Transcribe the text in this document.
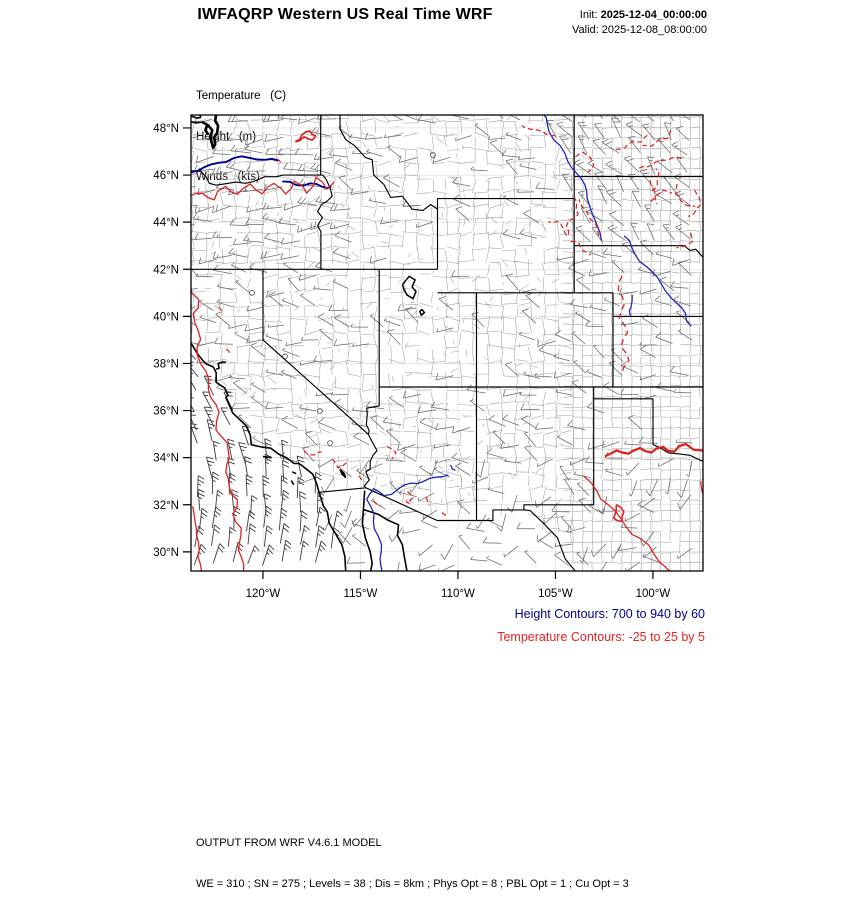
IWFAQRP Western US Real Time WRF	Init: 2025-12-04_00:00:00
Valid: 2025-12-08_08:00:00

Temperature   (C)

Height   (m)

Winds   (kts)

48°N
46°N
44°N
42°N
40°N
38°N
36°N
34°N
32°N
30°N
120°W	115°W	110°W	105°W	100°W
Height Contours: 700 to 940 by 60
Temperature Contours: -25 to 25 by 5

OUTPUT FROM WRF V4.6.1 MODEL

WE = 310 ; SN = 275 ; Levels = 38 ; Dis = 8km ; Phys Opt = 8 ; PBL Opt = 1 ; Cu Opt = 3
